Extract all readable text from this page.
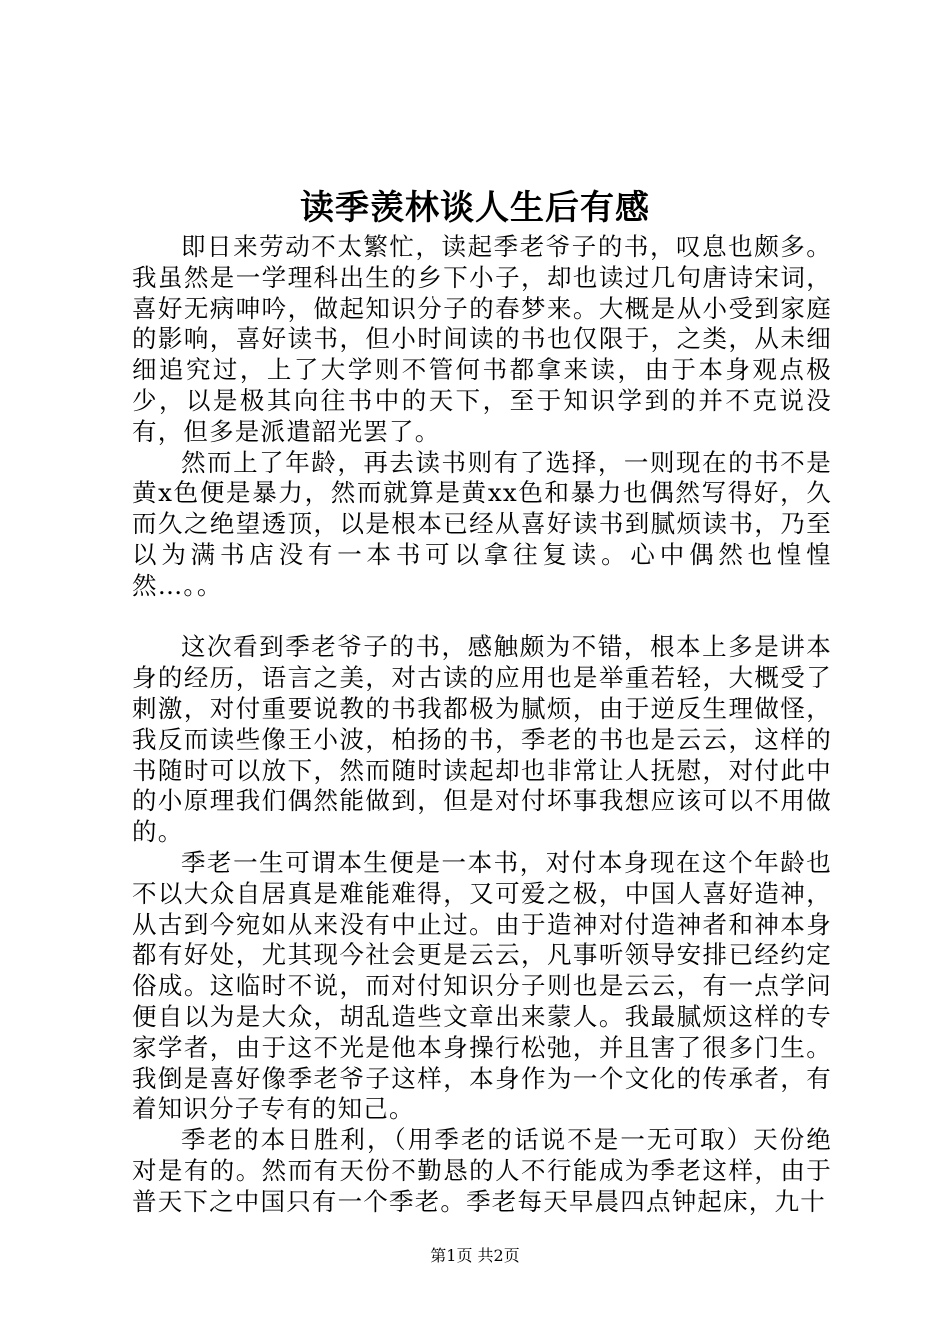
读季羡林谈人生后有感

即日来劳动不太繁忙，读起季老爷子的书，叹息也颇多。我虽然是一学理科出生的乡下小子，却也读过几句唐诗宋词，喜好无病呻吟，做起知识分子的春梦来。大概是从小受到家庭的影响，喜好读书，但小时间读的书也仅限于，之类，从未细细追究过，上了大学则不管何书都拿来读，由于本身观点极少，以是极其向往书中的天下，至于知识学到的并不克说没有，但多是派遣韶光罢了。

然而上了年龄，再去读书则有了选择，一则现在的书不是黄x色便是暴力，然而就算是黄xx色和暴力也偶然写得好，久而久之绝望透顶，以是根本已经从喜好读书到腻烦读书，乃至以为满书店没有一本书可以拿往复读。心中偶然也惶惶然…。。

这次看到季老爷子的书，感触颇为不错，根本上多是讲本身的经历，语言之美，对古读的应用也是举重若轻，大概受了刺激，对付重要说教的书我都极为腻烦，由于逆反生理做怪，我反而读些像王小波，柏扬的书，季老的书也是云云，这样的书随时可以放下，然而随时读起却也非常让人抚慰，对付此中的小原理我们偶然能做到，但是对付坏事我想应该可以不用做的。

季老一生可谓本生便是一本书，对付本身现在这个年龄也不以大众自居真是难能难得，又可爱之极，中国人喜好造神，从古到今宛如从来没有中止过。由于造神对付造神者和神本身都有好处，尤其现今社会更是云云，凡事听领导安排已经约定俗成。这临时不说，而对付知识分子则也是云云，有一点学问便自以为是大众，胡乱造些文章出来蒙人。我最腻烦这样的专家学者，由于这不光是他本身操行松弛，并且害了很多门生。我倒是喜好像季老爷子这样，本身作为一个文化的传承者，有着知识分子专有的知己。

季老的本日胜利，（用季老的话说不是一无可取）天份绝对是有的。然而有天份不勤恳的人不行能成为季老这样，由于普天下之中国只有一个季老。季老每天早晨四点钟起床，九十

第1页 共2页
